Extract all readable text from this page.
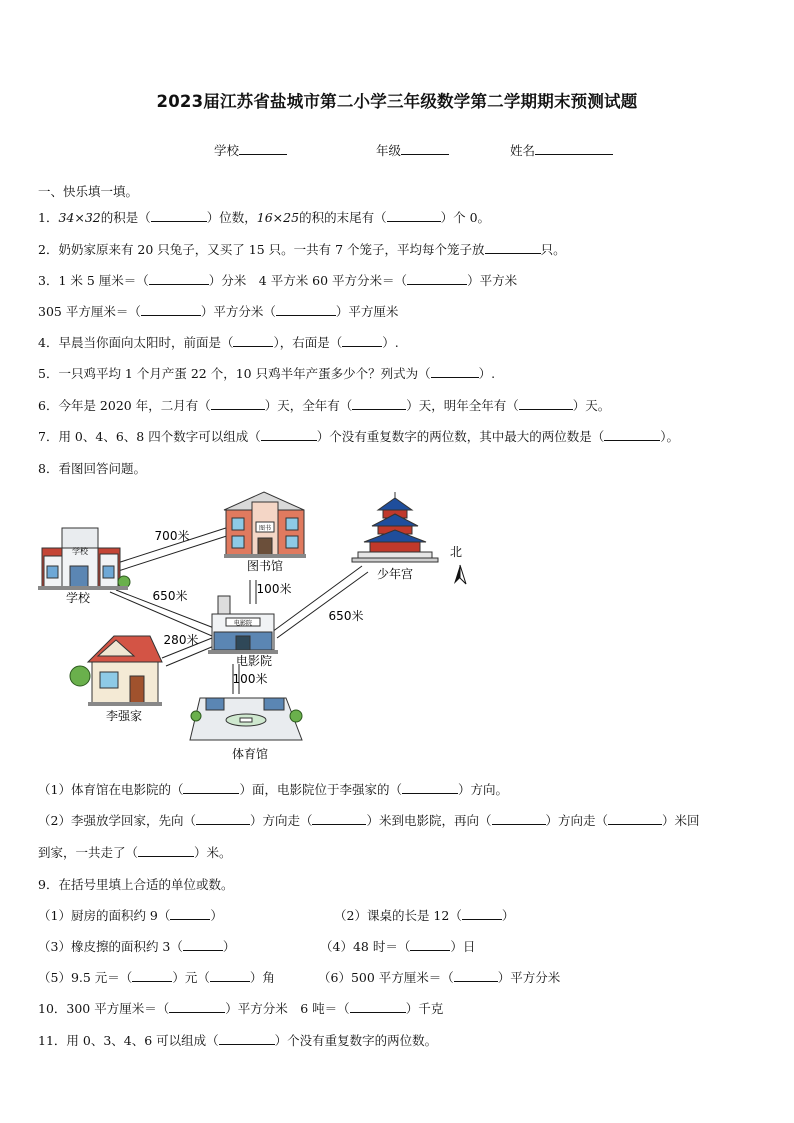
2023届江苏省盐城市第二小学三年级数学第二学期期末预测试题
学校	年级	姓名
一、快乐填一填。
1．34×32的积是（	）位数，16×25的积的末尾有（	）个 0。
2．奶奶家原来有 20 只兔子，又买了 15 只。一共有 7 个笼子，平均每个笼子放	只。
3．1 米 5 厘米＝（	）分米　4 平方米 60 平方分米＝（	）平方米
305 平方厘米＝（	）平方分米（	）平方厘米
4．早晨当你面向太阳时，前面是（	），右面是（	）.
5．一只鸡平均 1 个月产蛋 22 个，10 只鸡半年产蛋多少个？列式为（	）.
6．今年是 2020 年，二月有（	）天，全年有（	）天，明年全年有（	）天。
7．用 0、4、6、8 四个数字可以组成（	）个没有重复数字的两位数，其中最大的两位数是（	）。
8．看图回答问题。
学校
学校
图书
图书馆
少年宫
北
电影院
电影院
李强家
体育馆
700米
650米	100米
650米
280米
100米
（1）体育馆在电影院的（	）面，电影院位于李强家的（	）方向。
（2）李强放学回家，先向（	）方向走（	）米到电影院，再向（	）方向走（	）米回
到家，一共走了（	）米。
9．在括号里填上合适的单位或数。
（1）厨房的面积约 9（	）	（2）课桌的长是 12（	）
（3）橡皮擦的面积约 3（	）	（4）48 时＝（	）日
（5）9.5 元＝（	）元（	）角	（6）500 平方厘米＝（	）平方分米
10．300 平方厘米＝（	）平方分米　6 吨＝（	）千克
11．用 0、3、4、6 可以组成（	）个没有重复数字的两位数。
